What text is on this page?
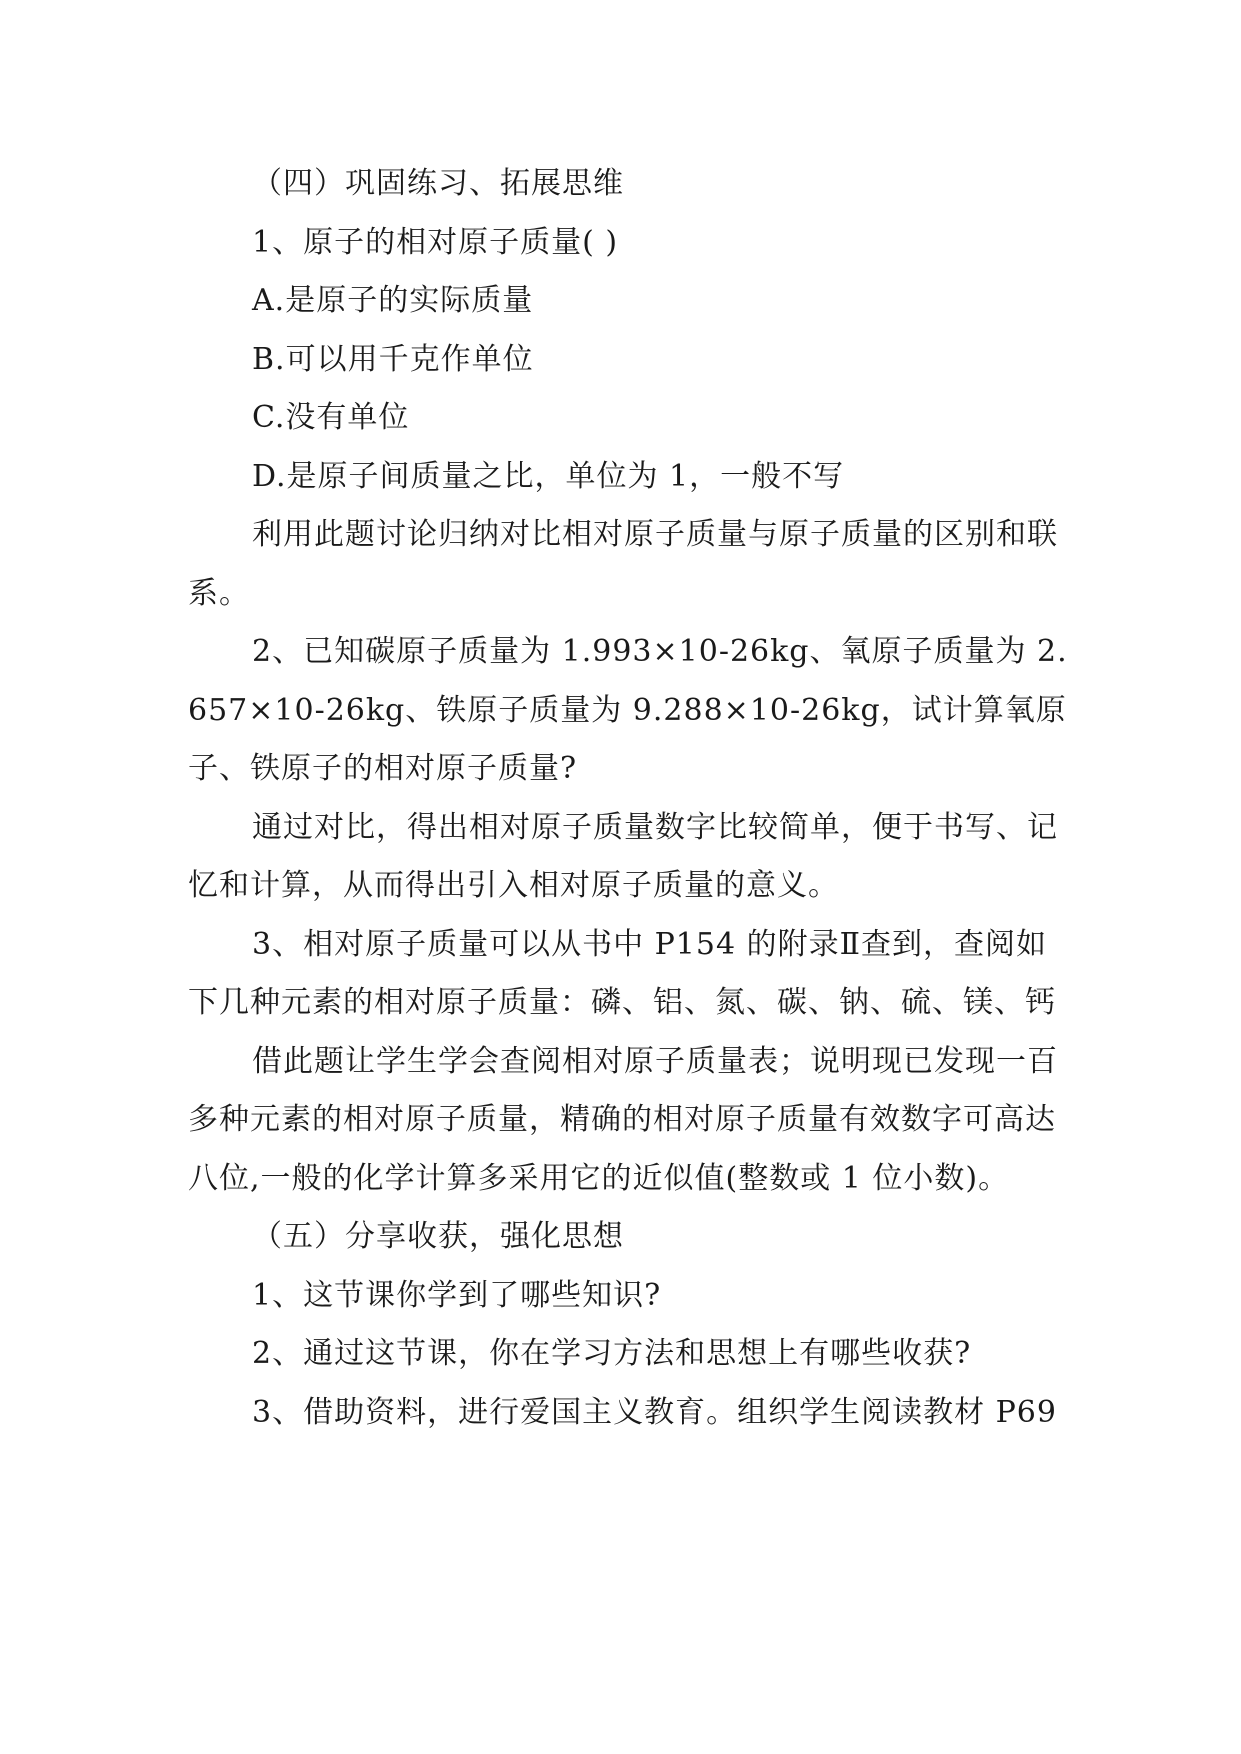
（四）巩固练习、拓展思维

1、原子的相对原子质量( )

A.是原子的实际质量

B.可以用千克作单位

C.没有单位

D.是原子间质量之比，单位为 1，一般不写

利用此题讨论归纳对比相对原子质量与原子质量的区别和联系。

2、已知碳原子质量为 1.993×10-26kg、氧原子质量为 2.657×10-26kg、铁原子质量为 9.288×10-26kg，试计算氧原子、铁原子的相对原子质量?

通过对比，得出相对原子质量数字比较简单，便于书写、记忆和计算，从而得出引入相对原子质量的意义。

3、相对原子质量可以从书中 P154 的附录Ⅱ查到，查阅如下几种元素的相对原子质量：磷、铝、氮、碳、钠、硫、镁、钙

借此题让学生学会查阅相对原子质量表；说明现已发现一百多种元素的相对原子质量，精确的相对原子质量有效数字可高达八位,一般的化学计算多采用它的近似值(整数或 1 位小数)。

（五）分享收获，强化思想

1、这节课你学到了哪些知识?

2、通过这节课，你在学习方法和思想上有哪些收获?

3、借助资料，进行爱国主义教育。组织学生阅读教材 P69
